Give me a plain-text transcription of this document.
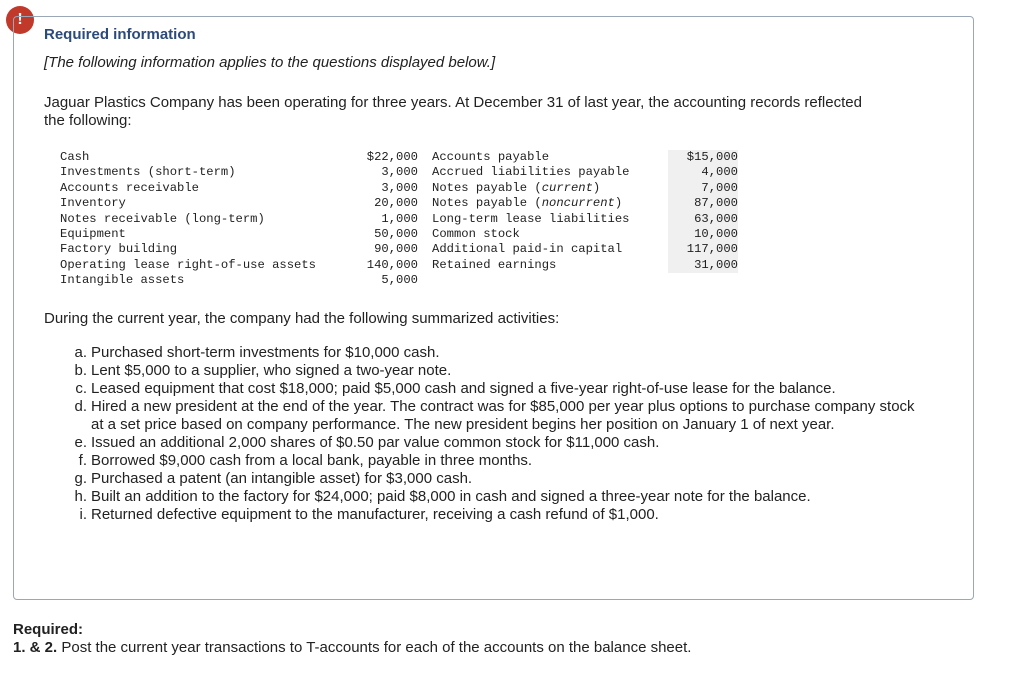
!
Required information

[The following information applies to the questions displayed below.]

Jaguar Plastics Company has been operating for three years. At December 31 of last year, the accounting records reflected the following:

Cash	$22,000	Accounts payable	$15,000
Investments (short-term)	3,000	Accrued liabilities payable	4,000
Accounts receivable	3,000	Notes payable (current)	7,000
Inventory	20,000	Notes payable (noncurrent)	87,000
Notes receivable (long-term)	1,000	Long-term lease liabilities	63,000
Equipment	50,000	Common stock	10,000
Factory building	90,000	Additional paid-in capital	117,000
Operating lease right-of-use assets	140,000	Retained earnings	31,000
Intangible assets	5,000

During the current year, the company had the following summarized activities:

a. Purchased short-term investments for $10,000 cash.
b. Lent $5,000 to a supplier, who signed a two-year note.
c. Leased equipment that cost $18,000; paid $5,000 cash and signed a five-year right-of-use lease for the balance.
d. Hired a new president at the end of the year. The contract was for $85,000 per year plus options to purchase company stock at a set price based on company performance. The new president begins her position on January 1 of next year.
e. Issued an additional 2,000 shares of $0.50 par value common stock for $11,000 cash.
f. Borrowed $9,000 cash from a local bank, payable in three months.
g. Purchased a patent (an intangible asset) for $3,000 cash.
h. Built an addition to the factory for $24,000; paid $8,000 in cash and signed a three-year note for the balance.
i. Returned defective equipment to the manufacturer, receiving a cash refund of $1,000.

Required:

1. & 2. Post the current year transactions to T-accounts for each of the accounts on the balance sheet.
